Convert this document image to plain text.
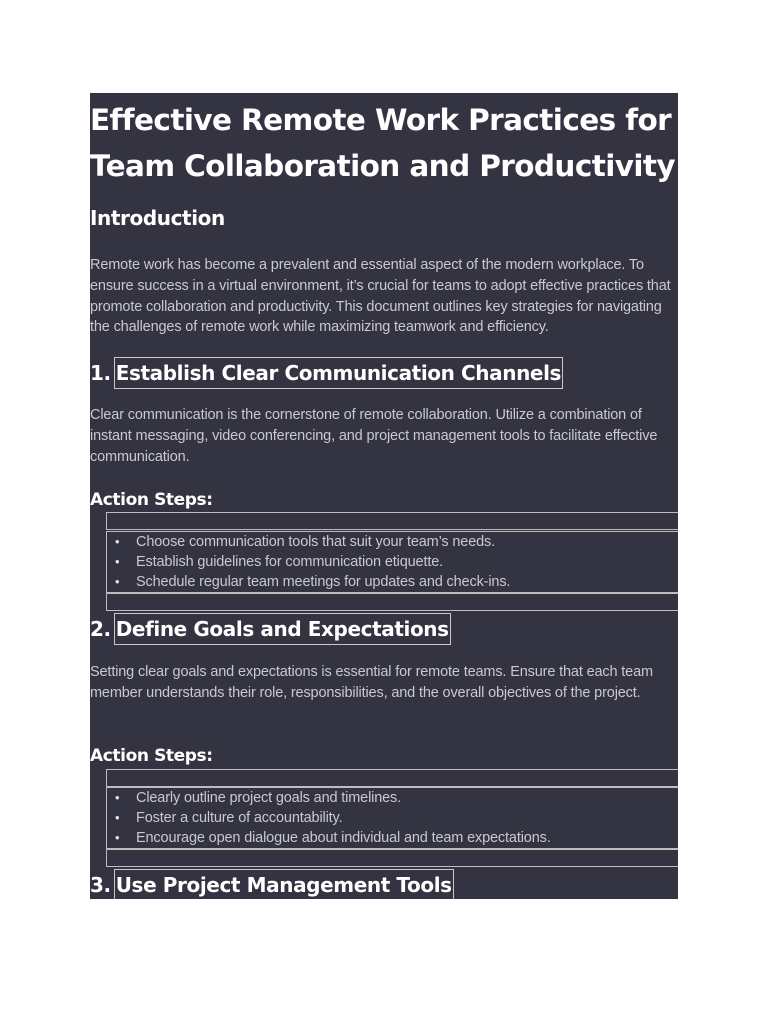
Effective Remote Work Practices for Team Collaboration and Productivity
Introduction

Remote work has become a prevalent and essential aspect of the modern workplace. To ensure success in a virtual environment, it’s crucial for teams to adopt effective practices that promote collaboration and productivity. This document outlines key strategies for navigating the challenges of remote work while maximizing teamwork and efficiency.

1. Establish Clear Communication Channels

Clear communication is the cornerstone of remote collaboration. Utilize a combination of instant messaging, video conferencing, and project management tools to facilitate effective communication.

Action Steps:
• Choose communication tools that suit your team’s needs.
• Establish guidelines for communication etiquette.
• Schedule regular team meetings for updates and check-ins.
2. Define Goals and Expectations

Setting clear goals and expectations is essential for remote teams. Ensure that each team member understands their role, responsibilities, and the overall objectives of the project.

Action Steps:
• Clearly outline project goals and timelines.
• Foster a culture of accountability.
• Encourage open dialogue about individual and team expectations.
3. Use Project Management Tools
